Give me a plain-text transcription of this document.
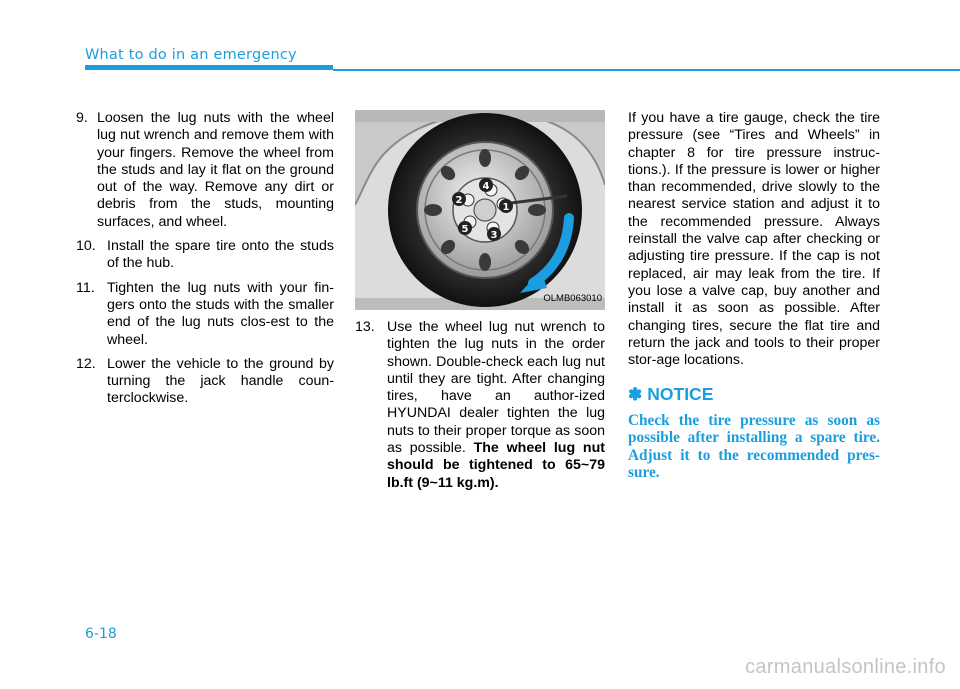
What to do in an emergency
9. Loosen the lug nuts with the wheel lug nut wrench and remove them with your fingers. Remove the wheel from the studs and lay it flat on the ground out of the way. Remove any dirt or debris from the studs, mounting surfaces, and wheel.
10. Install the spare tire onto the studs of the hub.
11. Tighten the lug nuts with your fin-gers onto the studs with the smaller end of the lug nuts clos-est to the wheel.
12. Lower the vehicle to the ground by turning the jack handle coun-terclockwise.
1
2
3
4
5
OLMB063010
13. Use the wheel lug nut wrench to tighten the lug nuts in the order shown. Double-check each lug nut until they are tight. After changing tires, have an author-ized HYUNDAI dealer tighten the lug nuts to their proper torque as soon as possible. The wheel lug nut should be tightened to 65~79 lb.ft (9~11 kg.m).

If you have a tire gauge, check the tire pressure (see “Tires and Wheels” in chapter 8 for tire pressure instruc-tions.). If the pressure is lower or higher than recommended, drive slowly to the nearest service station and adjust it to the recommended pressure. Always reinstall the valve cap after checking or adjusting tire pressure. If the cap is not replaced, air may leak from the tire. If you lose a valve cap, buy another and install it as soon as possible. After changing tires, secure the flat tire and return the jack and tools to their proper stor-age locations.

✽ NOTICE
Check the tire pressure as soon as possible after installing a spare tire. Adjust it to the recommended pres-sure.
6-18
carmanualsonline.info
